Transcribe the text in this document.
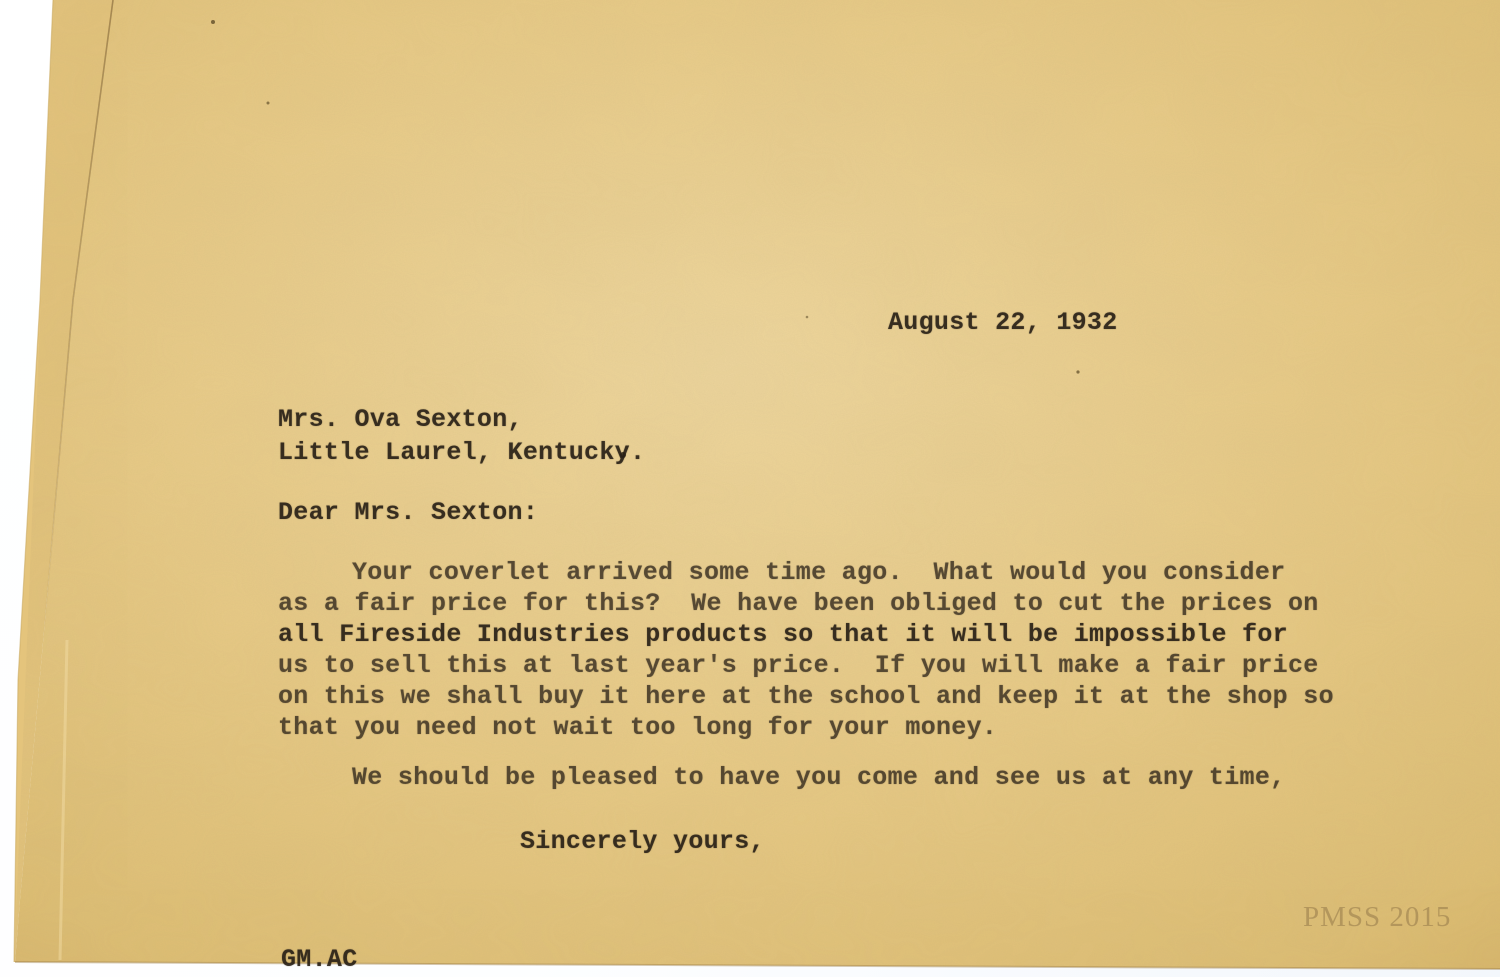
August 22, 1932
Mrs. Ova Sexton,
Little Laurel, Kentucky.
Dear Mrs. Sexton:
Your coverlet arrived some time ago.  What would you consider
as a fair price for this?  We have been obliged to cut the prices on
all Fireside Industries products so that it will be impossible for
us to sell this at last year's price.  If you will make a fair price
on this we shall buy it here at the school and keep it at the shop so
that you need not wait too long for your money.
We should be pleased to have you come and see us at any time,
Sincerely yours,
GM.AC
PMSS 2015
